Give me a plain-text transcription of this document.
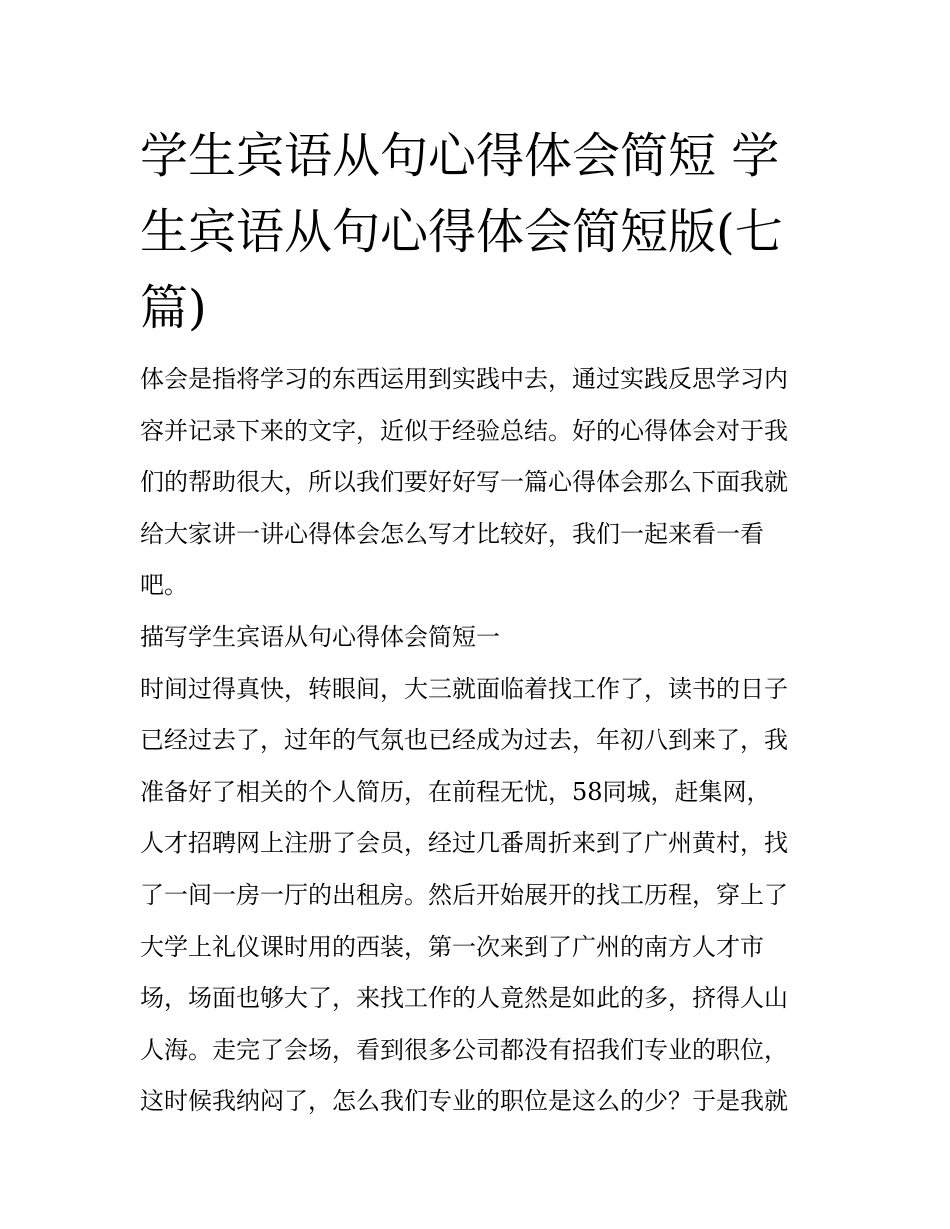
学生宾语从句心得体会简短 学
生宾语从句心得体会简短版(七
篇)
体会是指将学习的东西运用到实践中去，通过实践反思学习内
容并记录下来的文字，近似于经验总结。好的心得体会对于我
们的帮助很大，所以我们要好好写一篇心得体会那么下面我就
给大家讲一讲心得体会怎么写才比较好，我们一起来看一看
吧。
描写学生宾语从句心得体会简短一
时间过得真快，转眼间，大三就面临着找工作了，读书的日子
已经过去了，过年的气氛也已经成为过去，年初八到来了，我
准备好了相关的个人简历，在前程无忧，58同城，赶集网，
人才招聘网上注册了会员，经过几番周折来到了广州黄村，找
了一间一房一厅的出租房。然后开始展开的找工历程，穿上了
大学上礼仪课时用的西装，第一次来到了广州的南方人才市
场，场面也够大了，来找工作的人竟然是如此的多，挤得人山
人海。走完了会场，看到很多公司都没有招我们专业的职位，
这时候我纳闷了，怎么我们专业的职位是这么的少？于是我就
